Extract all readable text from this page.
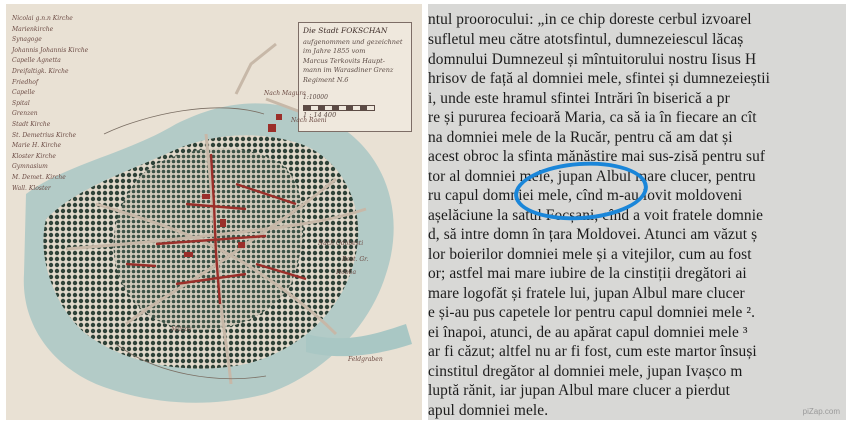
Nicolai g.n.n Kirche
Marienkirche
Synagoge
Johannis Johannis Kirche
Capelle Agnetta
Dreifaltigk. Kirche
Friedhof
Capelle
Spital
Grenzen
Stadt Kirche
St. Demetrius Kirche
Marie H. Kirche
Kloster Kirche
Gymnasium
M. Demet. Kirche
Wall. Kloster
Die Stadt FOKSCHAN
aufgenommen und gezeichnet
im Jahre 1855 vom
Marcus Terkovits Haupt-
mann im Warasdiner Grenz
Regiment N.6
1:10000
1 : 14 400
Nach Magura
Nach Raeni
Nach Odobesti
Rest. Gr.
Hobba
Feldgraben
Milcov
ntul proorocului: „in ce chip doreste cerbul izvoarel
sufletul meu către atotsfintul, dumnezeiescul lăcaș
domnului Dumnezeul și mîntuitorului nostru Iisus H
hrisov de față al domniei mele, sfintei și dumnezeieștii
i, unde este hramul sfintei Intrări în biserică a pr
re și pururea fecioară Maria, ca să ia în fiecare an cît
na domniei mele de la Rucăr, pentru că am dat și
acest obroc la sfinta mănăstire mai sus-zisă pentru suf
tor al domniei mele, jupan Albul mare clucer, pentru
ru capul domniei mele, cînd m-au lovit moldoveni
așelăciune la satul Focșani, cînd a voit fratele domnie
d, să intre domn în țara Moldovei. Atunci am văzut ș
lor boierilor domniei mele și a vitejilor, cum au fost
or; astfel mai mare iubire de la cinstiții dregători ai
mare logofăt și fratele lui, jupan Albul mare clucer
e și-au pus capetele lor pentru capul domniei mele ².
ei înapoi, atunci, de au apărat capul domniei mele ³
ar fi căzut; altfel nu ar fi fost, cum este martor însuși
cinstitul dregător al domniei mele, jupan Ivașco m
luptă rănit, iar jupan Albul mare clucer a pierdut
apul domniei mele.	piZap.com
